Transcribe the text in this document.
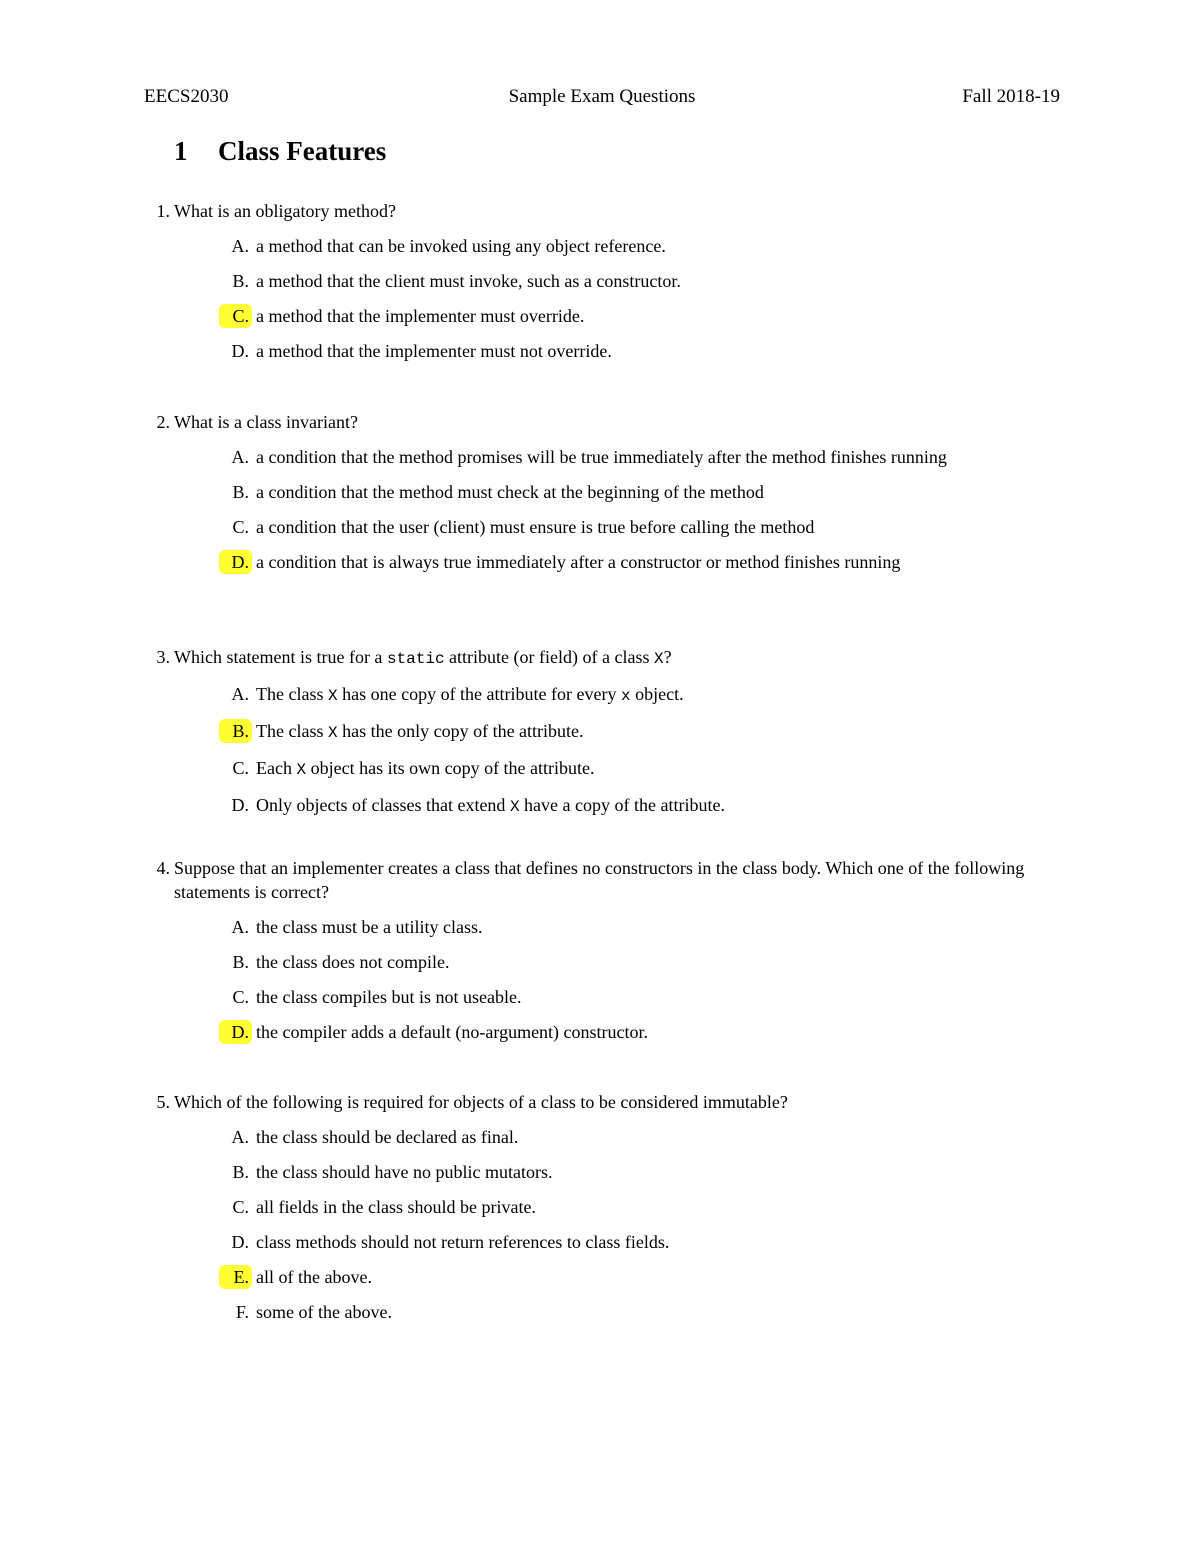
Sample Exam Questions
EECS2030	Fall 2018-19
1 Class Features
1. What is an obligatory method?
A. a method that can be invoked using any object reference.
B. a method that the client must invoke, such as a constructor.
C. a method that the implementer must override.
D. a method that the implementer must not override.
2. What is a class invariant?
A. a condition that the method promises will be true immediately after the method finishes running
B. a condition that the method must check at the beginning of the method
C. a condition that the user (client) must ensure is true before calling the method
D. a condition that is always true immediately after a constructor or method finishes running
3. Which statement is true for a static attribute (or field) of a class X?
A. The class X has one copy of the attribute for every x object.
B. The class X has the only copy of the attribute.
C. Each X object has its own copy of the attribute.
D. Only objects of classes that extend X have a copy of the attribute.
4. Suppose that an implementer creates a class that defines no constructors in the class body. Which one of the following statements is correct?
A. the class must be a utility class.
B. the class does not compile.
C. the class compiles but is not useable.
D. the compiler adds a default (no-argument) constructor.
5. Which of the following is required for objects of a class to be considered immutable?
A. the class should be declared as final.
B. the class should have no public mutators.
C. all fields in the class should be private.
D. class methods should not return references to class fields.
E. all of the above.
F. some of the above.
